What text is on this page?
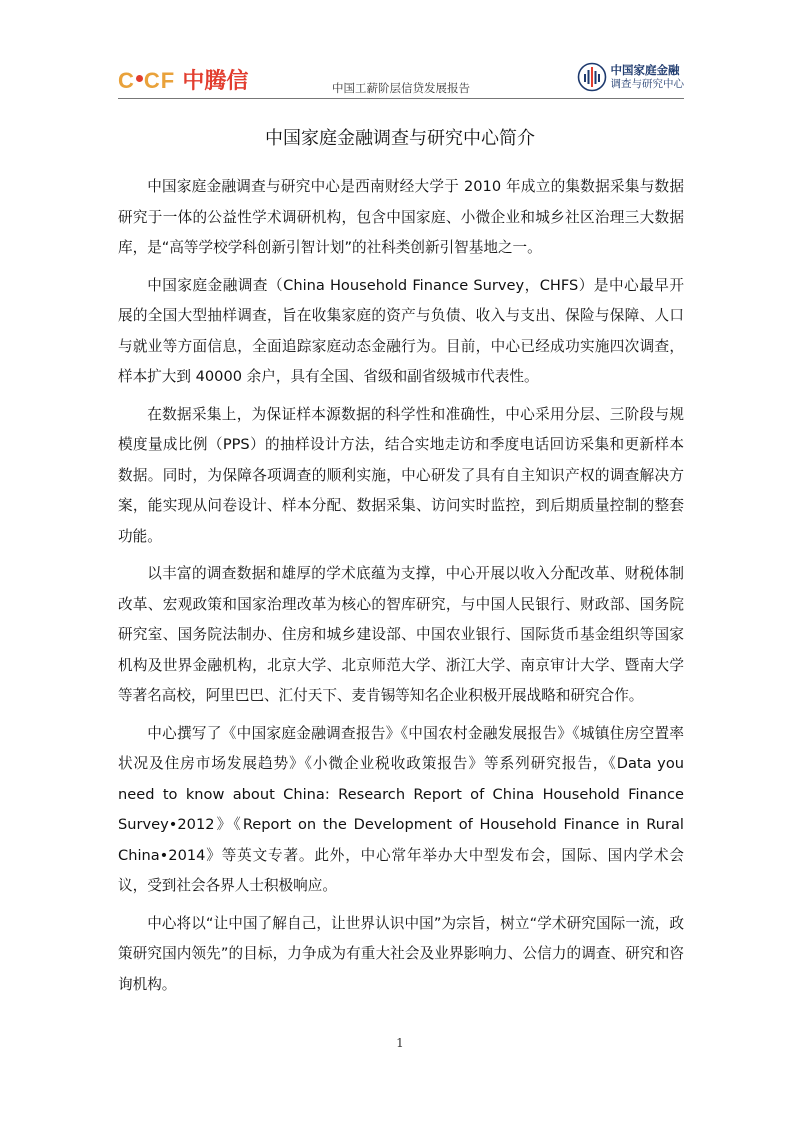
C CF 中腾信	中国工薪阶层信贷发展报告
中国家庭金融
调查与研究中心
中国家庭金融调查与研究中心简介

中国家庭金融调查与研究中心是西南财经大学于 2010 年成立的集数据采集与数据研究于一体的公益性学术调研机构，包含中国家庭、小微企业和城乡社区治理三大数据库，是“高等学校学科创新引智计划”的社科类创新引智基地之一。

中国家庭金融调查（China Household Finance Survey，CHFS）是中心最早开展的全国大型抽样调查，旨在收集家庭的资产与负债、收入与支出、保险与保障、人口与就业等方面信息，全面追踪家庭动态金融行为。目前，中心已经成功实施四次调查，样本扩大到 40000 余户，具有全国、省级和副省级城市代表性。

在数据采集上，为保证样本源数据的科学性和准确性，中心采用分层、三阶段与规模度量成比例（PPS）的抽样设计方法，结合实地走访和季度电话回访采集和更新样本数据。同时，为保障各项调查的顺利实施，中心研发了具有自主知识产权的调查解决方案，能实现从问卷设计、样本分配、数据采集、访问实时监控，到后期质量控制的整套功能。

以丰富的调查数据和雄厚的学术底蕴为支撑，中心开展以收入分配改革、财税体制改革、宏观政策和国家治理改革为核心的智库研究，与中国人民银行、财政部、国务院研究室、国务院法制办、住房和城乡建设部、中国农业银行、国际货币基金组织等国家机构及世界金融机构，北京大学、北京师范大学、浙江大学、南京审计大学、暨南大学等著名高校，阿里巴巴、汇付天下、麦肯锡等知名企业积极开展战略和研究合作。

中心撰写了《中国家庭金融调查报告》《中国农村金融发展报告》《城镇住房空置率状况及住房市场发展趋势》《小微企业税收政策报告》等系列研究报告，《Data you need to know about China: Research Report of China Household Finance Survey•2012》《Report on the Development of Household Finance in Rural China•2014》等英文专著。此外，中心常年举办大中型发布会，国际、国内学术会议，受到社会各界人士积极响应。

中心将以“让中国了解自己，让世界认识中国”为宗旨，树立“学术研究国际一流，政策研究国内领先”的目标，力争成为有重大社会及业界影响力、公信力的调查、研究和咨询机构。

1
